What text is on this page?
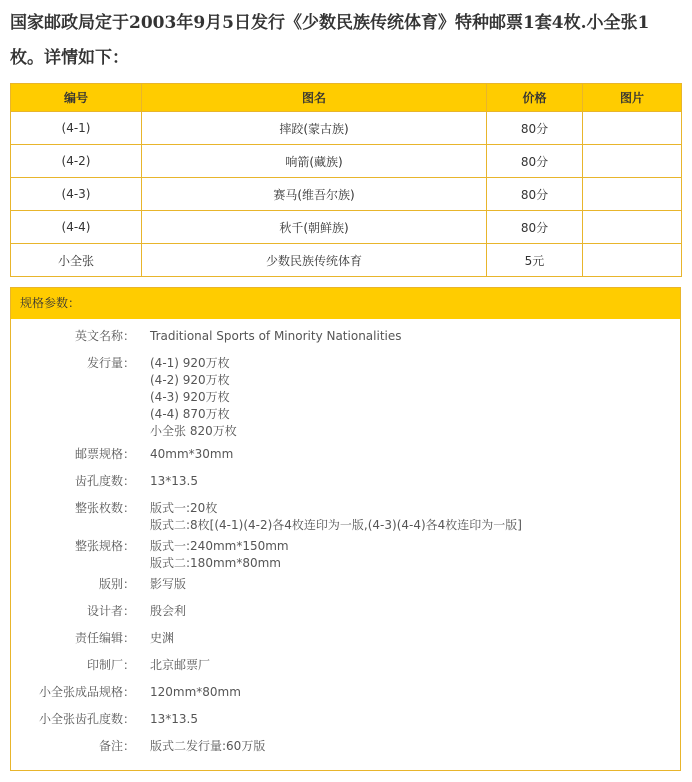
国家邮政局定于2003年9月5日发行《少数民族传统体育》特种邮票1套4枚.小全张1枚。详情如下：

编号	图名	价格	图片
(4-1)	摔跤(蒙古族)	80分	
(4-2)	响箭(藏族)	80分	
(4-3)	赛马(维吾尔族)	80分	
(4-4)	秋千(朝鲜族)	80分	
小全张	少数民族传统体育	5元	
规格参数：
英文名称： Traditional Sports of Minority Nationalities
发行量： (4-1) 920万枚
(4-2) 920万枚
(4-3) 920万枚
(4-4) 870万枚
小全张 820万枚
邮票规格： 40mm*30mm
齿孔度数： 13*13.5
整张枚数： 版式一:20枚
版式二:8枚[(4-1)(4-2)各4枚连印为一版,(4-3)(4-4)各4枚连印为一版]
整张规格： 版式一:240mm*150mm
版式二:180mm*80mm
版别： 影写版
设计者： 殷会利
责任编辑： 史渊
印制厂： 北京邮票厂
小全张成品规格： 120mm*80mm
小全张齿孔度数： 13*13.5
备注： 版式二发行量:60万版
